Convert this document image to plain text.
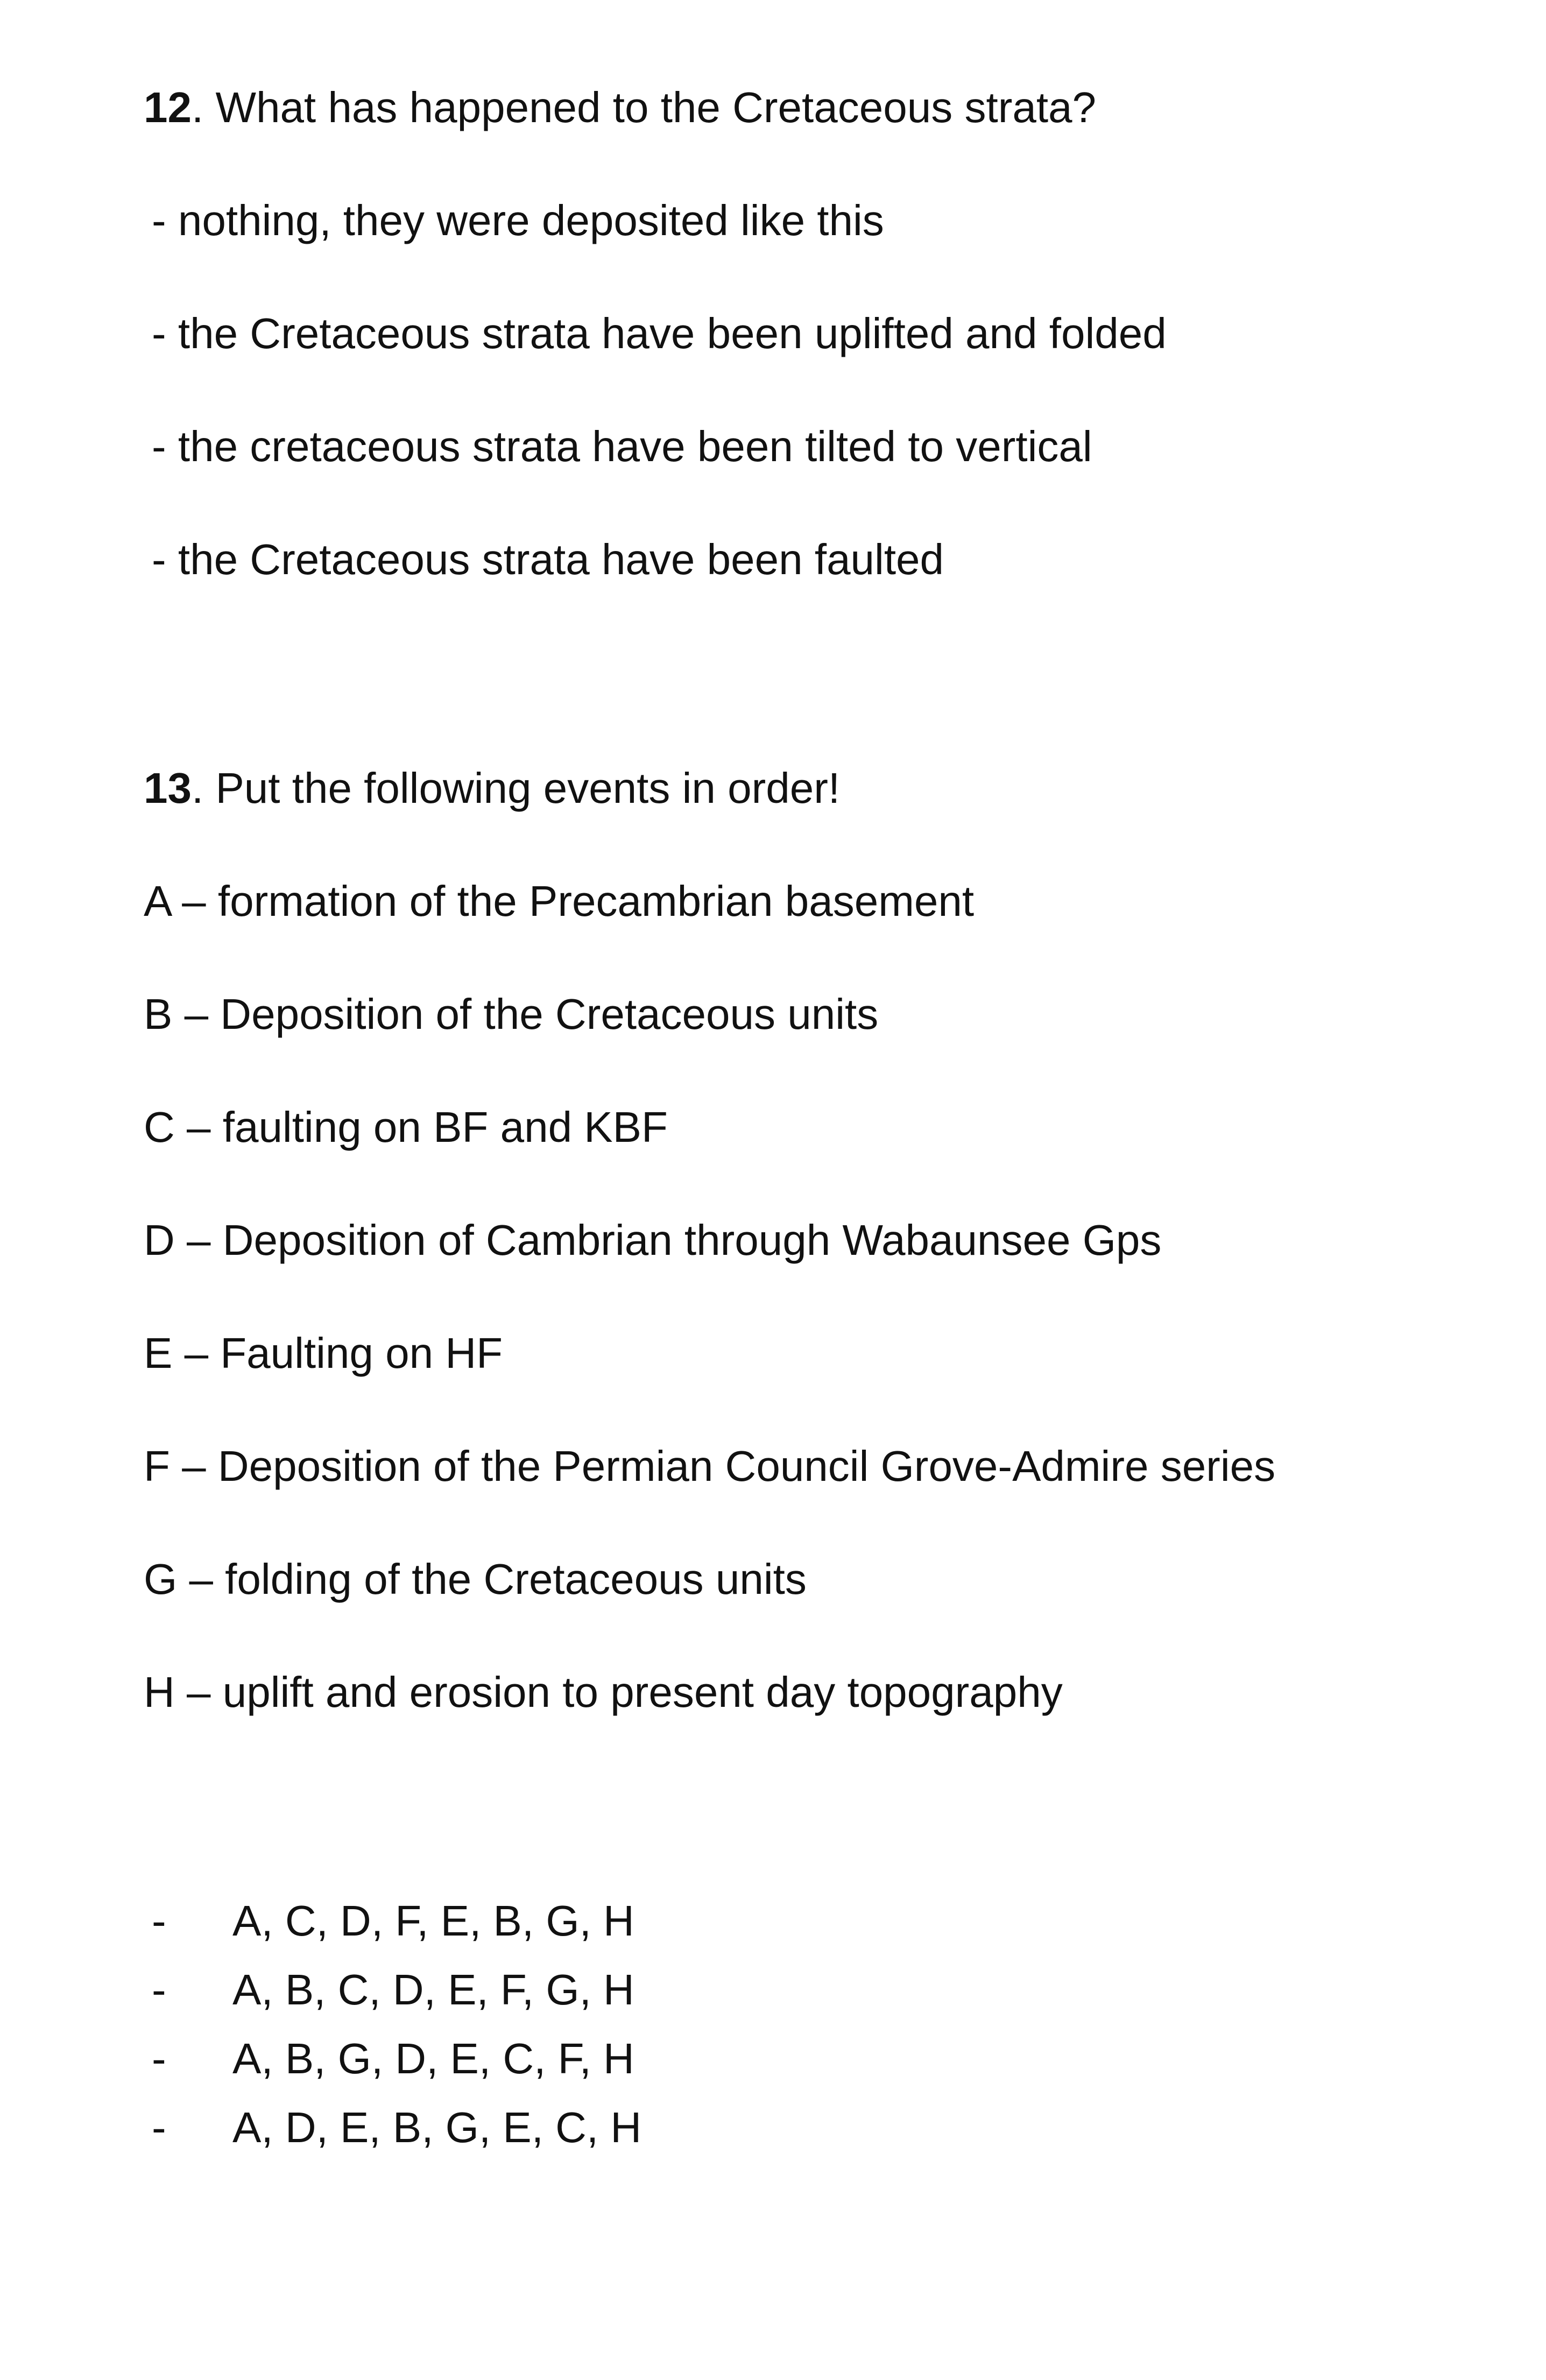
12. What has happened to the Cretaceous strata?
- nothing, they were deposited like this
- the Cretaceous strata have been uplifted and folded
- the cretaceous strata have been tilted to vertical
- the Cretaceous strata have been faulted
13. Put the following events in order!
A – formation of the Precambrian basement
B – Deposition of the Cretaceous units
C – faulting on BF and KBF
D – Deposition of Cambrian through Wabaunsee Gps
E – Faulting on HF
F – Deposition of the Permian Council Grove-Admire series
G – folding of the Cretaceous units
H – uplift and erosion to present day topography
- A, C, D, F, E, B, G, H
- A, B, C, D, E, F, G, H
- A, B, G, D, E, C, F, H
- A, D, E, B, G, E, C, H
